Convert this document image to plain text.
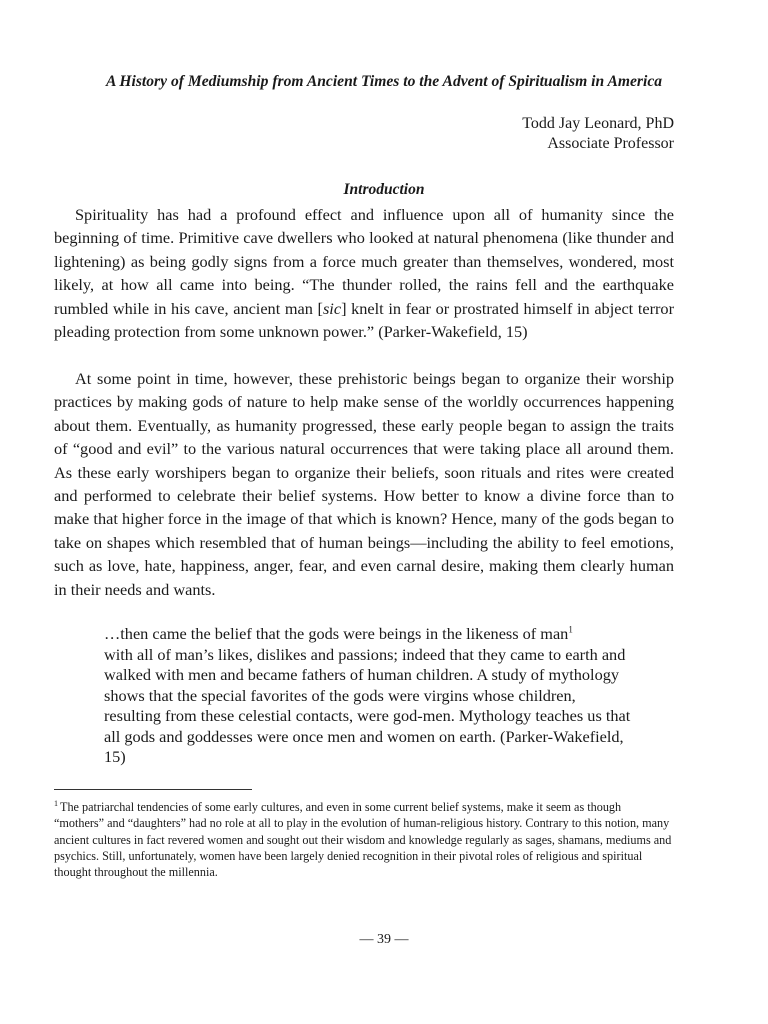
A History of Mediumship from Ancient Times to the Advent of Spiritualism in America
Todd Jay Leonard, PhD
Associate Professor
Introduction

Spirituality has had a profound effect and influence upon all of humanity since the beginning of time. Primitive cave dwellers who looked at natural phenomena (like thunder and lightening) as being godly signs from a force much greater than themselves, wondered, most likely, at how all came into being. “The thunder rolled, the rains fell and the earthquake rumbled while in his cave, ancient man [sic] knelt in fear or prostrated himself in abject terror pleading protection from some unknown power.” (Parker-Wakefield, 15)

At some point in time, however, these prehistoric beings began to organize their worship practices by making gods of nature to help make sense of the worldly occurrences happening about them. Eventually, as humanity progressed, these early people began to assign the traits of “good and evil” to the various natural occurrences that were taking place all around them. As these early worshipers began to organize their beliefs, soon rituals and rites were created and performed to celebrate their belief systems. How better to know a divine force than to make that higher force in the image of that which is known? Hence, many of the gods began to take on shapes which resembled that of human beings—including the ability to feel emotions, such as love, hate, happiness, anger, fear, and even carnal desire, making them clearly human in their needs and wants.

…then came the belief that the gods were beings in the likeness of man$^1$
with all of man’s likes, dislikes and passions; indeed that they came to earth and walked with men and became fathers of human children. A study of mythology shows that the special favorites of the gods were virgins whose children, resulting from these celestial contacts, were god-men. Mythology teaches us that all gods and goddesses were once men and women on earth. (Parker-Wakefield, 15)

$^1$ The patriarchal tendencies of some early cultures, and even in some current belief systems, make it seem as though “mothers” and “daughters” had no role at all to play in the evolution of human-religious history. Contrary to this notion, many ancient cultures in fact revered women and sought out their wisdom and knowledge regularly as sages, shamans, mediums and psychics. Still, unfortunately, women have been largely denied recognition in their pivotal roles of religious and spiritual thought throughout the millennia.

— 39 —
